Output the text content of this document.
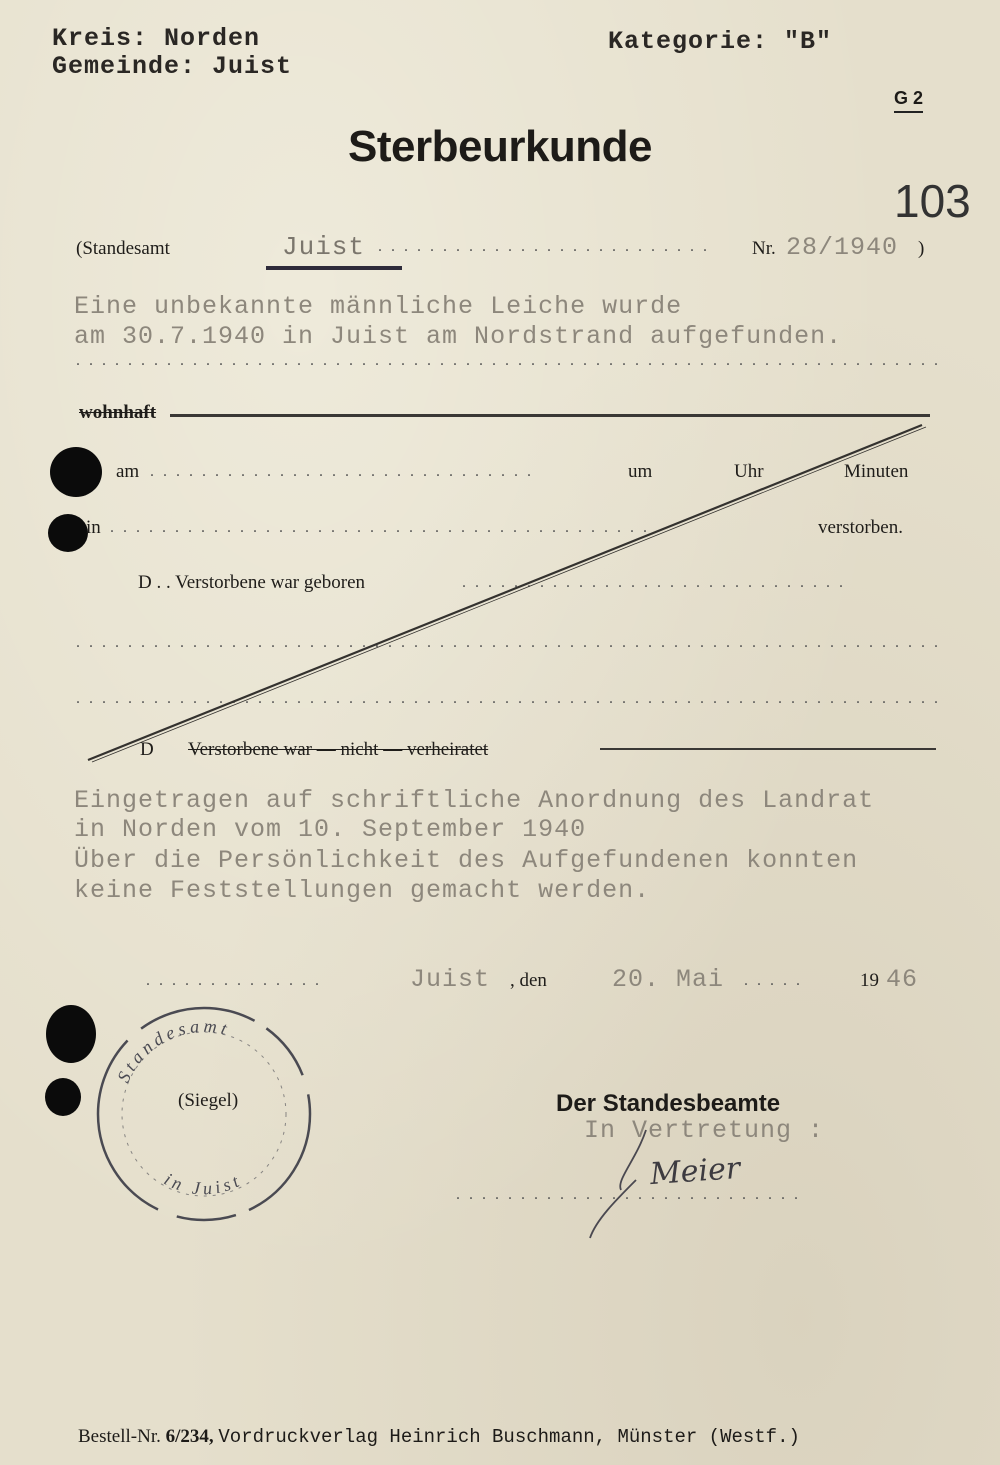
Kreis: Norden
Gemeinde: Juist
Kategorie: "B"
G 2
Sterbeurkunde
103
(Standesamt	Juist .......................... Nr. 28/1940 )
Eine unbekannte männliche Leiche wurde
am 30.7.1940 in Juist am Nordstrand aufgefunden.
...................................................................
wohnhaft
am ..............................	um	Uhr	Minuten
in ..........................................	verstorben.
D . . Verstorbene war geboren	..............................
...................................................................
...................................................................
D Verstorbene war — nicht — verheiratet
Eingetragen auf schriftliche Anordnung des Landrat
in Norden vom 10. September 1940
Über die Persönlichkeit des Aufgefundenen konnten
keine Feststellungen gemacht werden.
..............	Juist , den	20. Mai .....	19 46
Standesamt
in Juist
(Siegel)	Der Standesbeamte
In Vertretung :
...........................
Meier
Bestell-Nr. 6/234, Vordruckverlag Heinrich Buschmann, Münster (Westf.)
